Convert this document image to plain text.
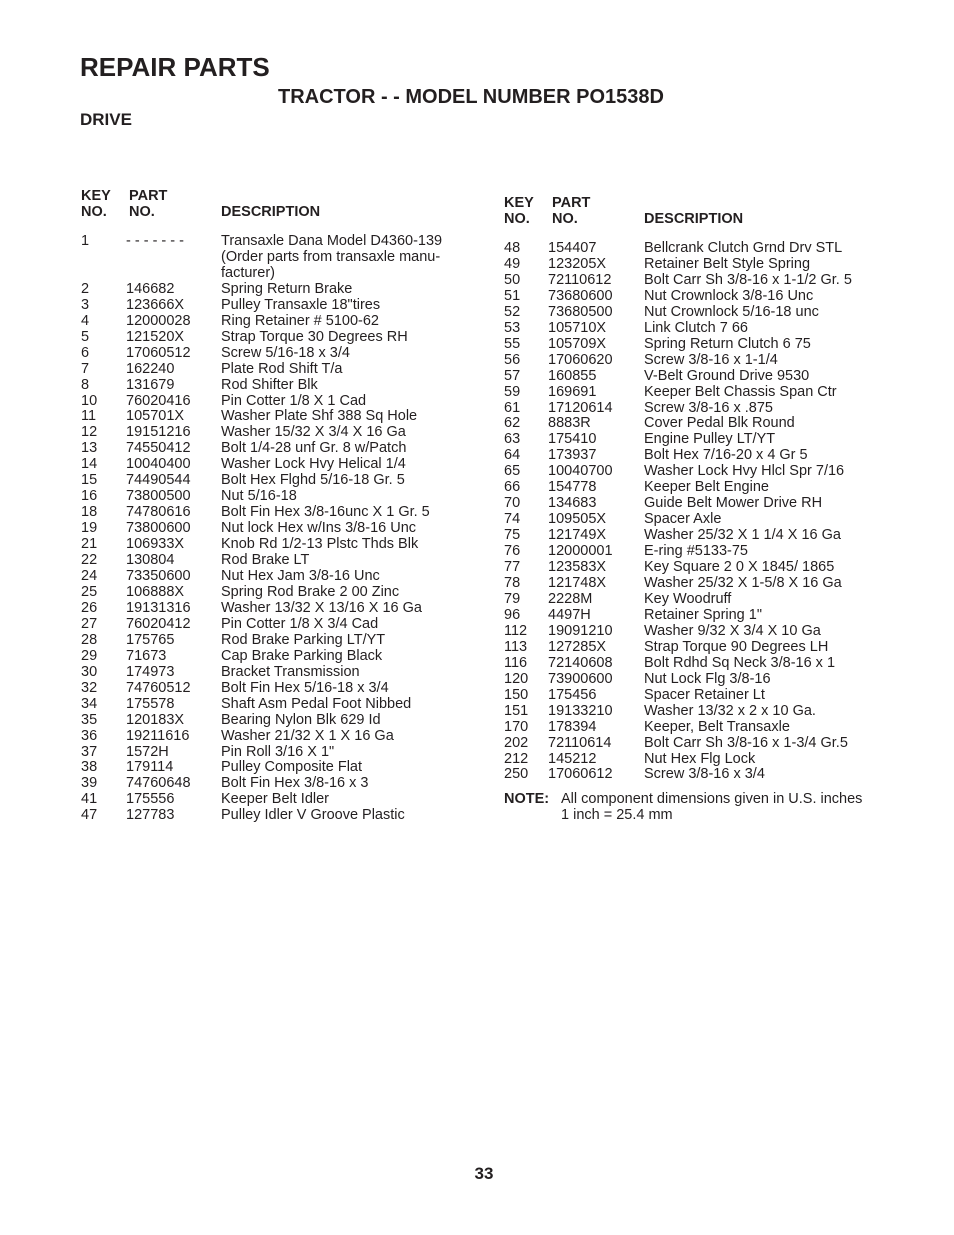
REPAIR PARTS
TRACTOR - - MODEL NUMBER PO1538D
DRIVE
KEY
NO.
PART
NO.	DESCRIPTION
1	- - - - - - -	Transaxle Dana Model D4360-139 (Order parts from transaxle manu-facturer)
2	146682	Spring Return Brake
3	123666X	Pulley Transaxle 18"tires
4	12000028 Ring Retainer # 5100-62
5	121520X	Strap Torque 30 Degrees RH
6	17060512 Screw 5/16-18 x 3/4
7	162240	Plate Rod Shift T/a
8	131679	Rod Shifter Blk
10 76020416 Pin Cotter 1/8 X 1 Cad
11 105701X	Washer Plate Shf 388 Sq Hole
12 19151216 Washer 15/32 X 3/4 X 16 Ga
13 74550412 Bolt 1/4-28 unf Gr. 8 w/Patch
14 10040400 Washer Lock Hvy Helical 1/4
15 74490544 Bolt Hex Flghd 5/16-18 Gr. 5
16 73800500 Nut 5/16-18
18 74780616 Bolt Fin Hex 3/8-16unc X 1 Gr. 5
19 73800600 Nut lock Hex w/Ins 3/8-16 Unc
21 106933X	Knob Rd 1/2-13 Plstc Thds Blk
22 130804	Rod Brake LT
24 73350600 Nut Hex Jam 3/8-16 Unc
25 106888X	Spring Rod Brake 2 00 Zinc
26 19131316 Washer 13/32 X 13/16 X 16 Ga
27 76020412 Pin Cotter 1/8 X 3/4 Cad
28 175765	Rod Brake Parking LT/YT
29 71673	Cap Brake Parking Black
30 174973	Bracket Transmission
32 74760512 Bolt Fin Hex 5/16-18 x 3/4
34 175578	Shaft Asm Pedal Foot Nibbed
35 120183X	Bearing Nylon Blk 629 Id
36 19211616 Washer 21/32 X 1 X 16 Ga
37 1572H	Pin Roll 3/16 X 1"
38 179114	Pulley Composite Flat
39 74760648 Bolt Fin Hex 3/8-16 x 3
41 175556	Keeper Belt Idler
47 127783	Pulley Idler V Groove Plastic
KEY
NO.
PART
NO.	DESCRIPTION
48 154407	Bellcrank Clutch Grnd Drv STL
49 123205X	Retainer Belt Style Spring
50 72110612 Bolt Carr Sh 3/8-16 x 1-1/2 Gr. 5
51 73680600 Nut Crownlock 3/8-16 Unc
52 73680500 Nut Crownlock 5/16-18 unc
53 105710X	Link Clutch 7 66
55 105709X	Spring Return Clutch 6 75
56 17060620 Screw 3/8-16 x 1-1/4
57 160855	V-Belt Ground Drive 9530
59 169691	Keeper Belt Chassis Span Ctr
61 17120614 Screw 3/8-16 x .875
62 8883R	Cover Pedal Blk Round
63 175410	Engine Pulley LT/YT
64 173937	Bolt Hex 7/16-20 x 4 Gr 5
65 10040700 Washer Lock Hvy Hlcl Spr 7/16
66 154778	Keeper Belt Engine
70 134683	Guide Belt Mower Drive RH
74 109505X	Spacer Axle
75 121749X	Washer 25/32 X 1 1/4 X 16 Ga
76 12000001 E-ring #5133-75
77 123583X	Key Square 2 0 X 1845/ 1865
78 121748X	Washer 25/32 X 1-5/8 X 16 Ga
79 2228M	Key Woodruff
96 4497H	Retainer Spring 1"
112 19091210 Washer 9/32 X 3/4 X 10 Ga
113 127285X	Strap Torque 90 Degrees LH
116 72140608 Bolt Rdhd Sq Neck 3/8-16 x 1
120 73900600 Nut Lock Flg 3/8-16
150 175456	Spacer Retainer Lt
151 19133210 Washer 13/32 x 2 x 10 Ga.
170 178394	Keeper, Belt Transaxle
202 72110614 Bolt Carr Sh 3/8-16 x 1-3/4 Gr.5
212 145212	Nut Hex Flg Lock
250 17060612 Screw 3/8-16 x 3/4
NOTE: All component dimensions given in U.S. inches
1 inch = 25.4 mm
33
